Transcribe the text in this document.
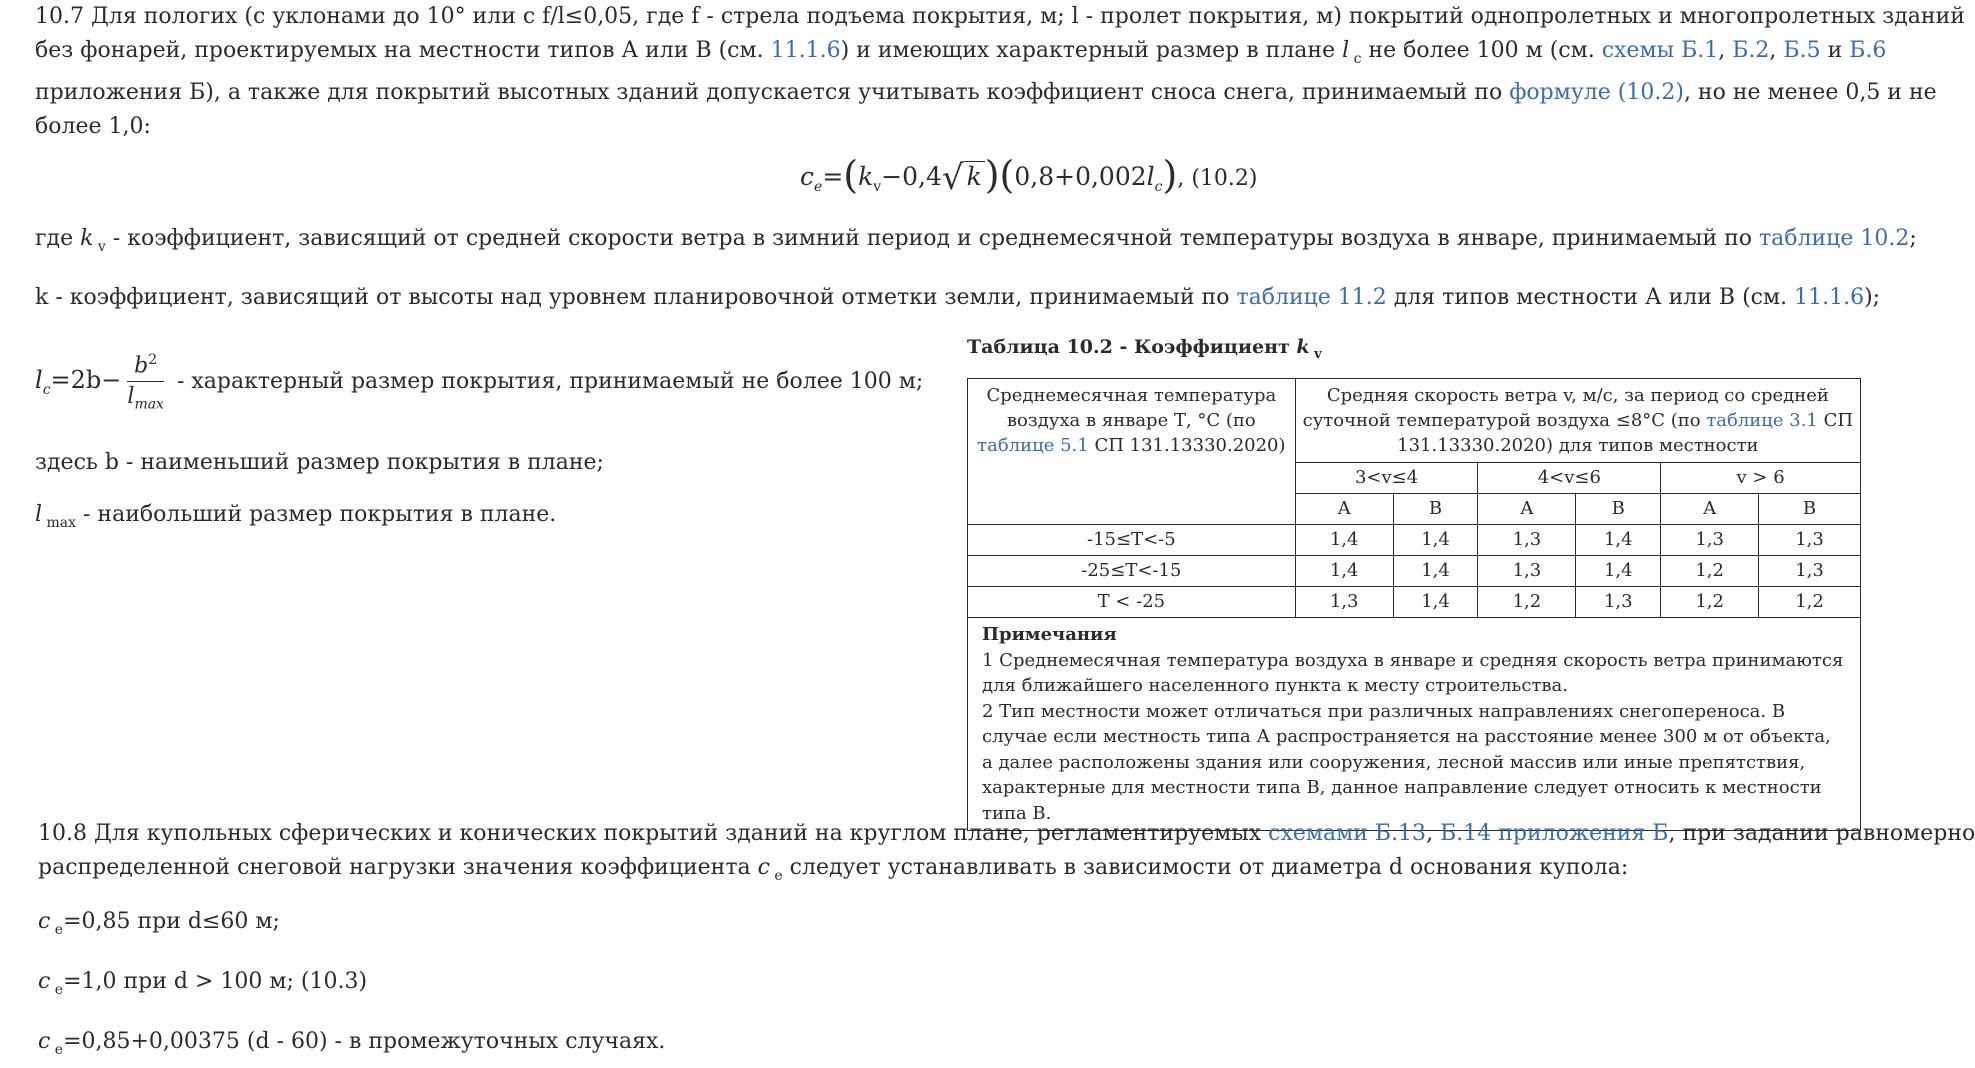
10.7 Для пологих (с уклонами до 10° или с f/l≤0,05, где f - стрела подъема покрытия, м; l - пролет покрытия, м) покрытий однопролетных и многопролетных зданий
без фонарей, проектируемых на местности типов А или В (см. 11.1.6) и имеющих характерный размер в плане l $_c$ не более 100 м (см. схемы Б.1, Б.2, Б.5 и Б.6
приложения Б), а также для покрытий высотных зданий допускается учитывать коэффициент сноса снега, принимаемый по формуле (10.2), но не менее 0,5 и не
более 1,0:
$c_e=(k_v-0,4√$ $k)(0,8+0,002l_c)$, (10.2)
где k $_v$ - коэффициент, зависящий от средней скорости ветра в зимний период и среднемесячной температуры воздуха в январе, принимаемый по таблице 10.2;
k - коэффициент, зависящий от высоты над уровнем планировочной отметки земли, принимаемый по таблице 11.2 для типов местности А или В (см. 11.1.6);
$l_c=2b- \frac{b^2}{l_{max}}$ - характерный размер покрытия, принимаемый не более 100 м;
здесь b - наименьший размер покрытия в плане;
l $_{max}$ - наибольший размер покрытия в плане.
Таблица 10.2 - Коэффициент k $_v$
Среднемесячная температура воздуха в январе Т, °С (по таблице 5.1 СП 131.13330.2020)	Средняя скорость ветра v, м/с, за период со средней суточной температурой воздуха ≤8°С (по таблице 3.1 СП 131.13330.2020) для типов местности					
	3<v≤4		4<v≤6		v > 6	
	А	В	А	В	А	В
-15≤T<-5	1,4	1,4	1,3	1,4	1,3	1,3
-25≤T<-15	1,4	1,4	1,3	1,4	1,2	1,3
T < -25	1,3	1,4	1,2	1,3	1,2	1,2

Примечания
1 Среднемесячная температура воздуха в январе и средняя скорость ветра принимаются для ближайшего населенного пункта к месту строительства.
2 Тип местности может отличаться при различных направлениях снегопереноса. В случае если местность типа А распространяется на расстояние менее 300 м от объекта, а далее расположены здания или сооружения, лесной массив или иные препятствия, характерные для местности типа В, данное направление следует относить к местности типа В.						
10.8 Для купольных сферических и конических покрытий зданий на круглом плане, регламентируемых схемами Б.13, Б.14 приложения Б, при задании равномерно
распределенной снеговой нагрузки значения коэффициента c $_e$ следует устанавливать в зависимости от диаметра d основания купола:
c $_e$=0,85 при d≤60 м;
c $_e$=1,0 при d > 100 м; (10.3)
c $_e$=0,85+0,00375 (d - 60) - в промежуточных случаях.
